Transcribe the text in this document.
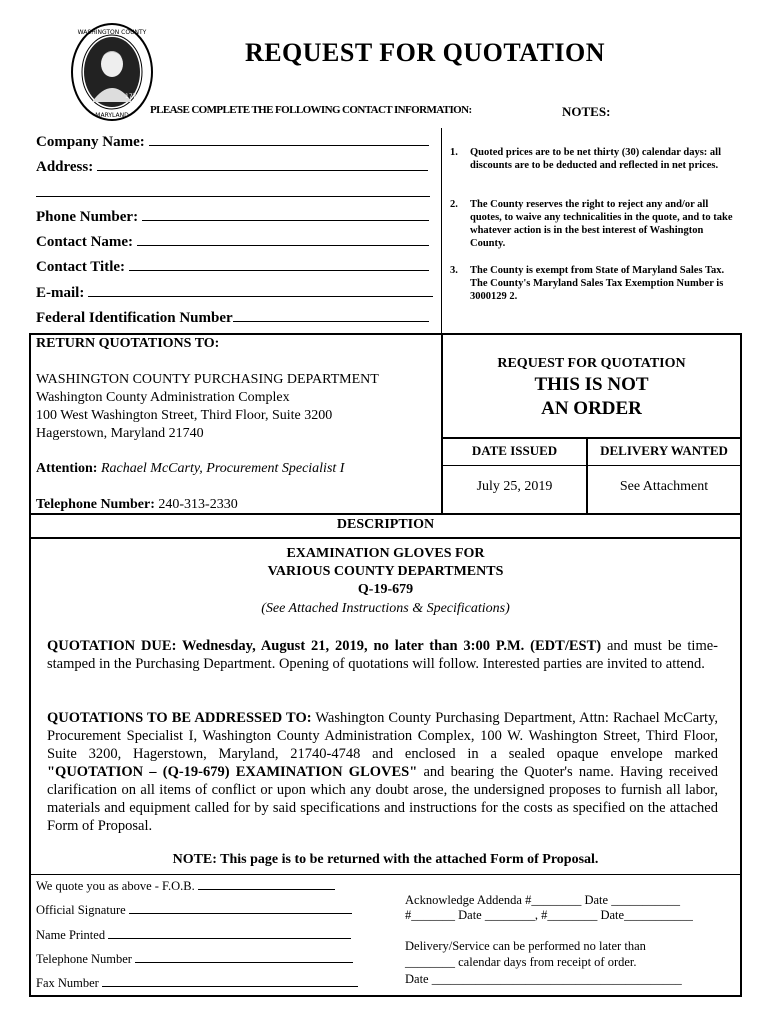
WASHINGTON COUNTY
1776
MARYLAND
REQUEST FOR QUOTATION
PLEASE COMPLETE THE FOLLOWING CONTACT INFORMATION:	NOTES:
Company Name:
Address:
Phone Number:
Contact Name:
Contact Title:
E-mail:
Federal Identification Number
1. Quoted prices are to be net thirty (30) calendar days: all discounts are to be deducted and reflected in net prices.
2. The County reserves the right to reject any and/or all quotes, to waive any technicalities in the quote, and to take whatever action is in the best interest of Washington County.
3. The County is exempt from State of Maryland Sales Tax. The County's Maryland Sales Tax Exemption Number is 3000129 2.
RETURN QUOTATIONS TO:
WASHINGTON COUNTY PURCHASING DEPARTMENT
Washington County Administration Complex
100 West Washington Street, Third Floor, Suite 3200
Hagerstown, Maryland 21740
Attention: Rachael McCarty, Procurement Specialist I
Telephone Number: 240-313-2330
REQUEST FOR QUOTATION
THIS IS NOT
AN ORDER
DATE ISSUED	DELIVERY WANTED
July 25, 2019	See Attachment
DESCRIPTION
EXAMINATION GLOVES FOR
VARIOUS COUNTY DEPARTMENTS
Q-19-679
(See Attached Instructions & Specifications)
QUOTATION DUE: Wednesday, August 21, 2019, no later than 3:00 P.M. (EDT/EST) and must be time-stamped in the Purchasing Department. Opening of quotations will follow. Interested parties are invited to attend.
QUOTATIONS TO BE ADDRESSED TO: Washington County Purchasing Department, Attn: Rachael McCarty, Procurement Specialist I, Washington County Administration Complex, 100 W. Washington Street, Third Floor, Suite 3200, Hagerstown, Maryland, 21740-4748 and enclosed in a sealed opaque envelope marked "QUOTATION – (Q-19-679) EXAMINATION GLOVES" and bearing the Quoter's name. Having received clarification on all items of conflict or upon which any doubt arose, the undersigned proposes to furnish all labor, materials and equipment called for by said specifications and instructions for the costs as specified on the attached Form of Proposal.
NOTE: This page is to be returned with the attached Form of Proposal.
We quote you as above - F.O.B.
Official Signature
Name Printed
Telephone Number
Fax Number
Acknowledge Addenda #________ Date ___________
#_______ Date ________, #________ Date___________
Delivery/Service can be performed no later than
________ calendar days from receipt of order.
Date ________________________________________
